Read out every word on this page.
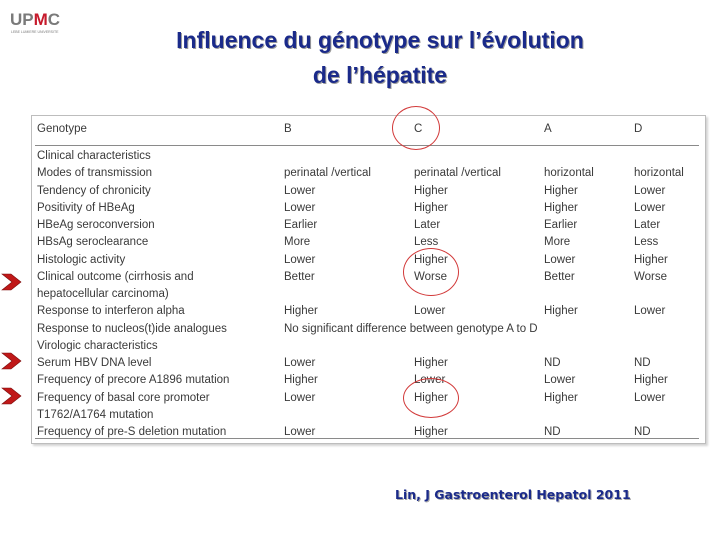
UPMC
LEBE LUMIERE UNIVERSITE	Influence du génotype sur l’évolution
de l’hépatite
Genotype	B	C	A	D
Clinical characteristics
Modes of transmission	perinatal /vertical	perinatal /vertical	horizontal	horizontal
Tendency of chronicity	Lower	Higher	Higher	Lower
Positivity of HBeAg	Lower	Higher	Higher	Lower
HBeAg seroconversion	Earlier	Later	Earlier	Later
HBsAg seroclearance	More	Less	More	Less
Histologic activity	Lower	Higher	Lower	Higher
Clinical outcome (cirrhosis and	Better	Worse	Better	Worse
hepatocellular carcinoma)
Response to interferon alpha	Higher	Lower	Higher	Lower
Response to nucleos(t)ide analogues	No significant difference between genotype A to D
Virologic characteristics
Serum HBV DNA level	Lower	Higher	ND	ND
Frequency of precore A1896 mutation	Higher	Lower	Lower	Higher
Frequency of basal core promoter	Lower	Higher	Higher	Lower
T1762/A1764 mutation
Frequency of pre-S deletion mutation	Lower	Higher	ND	ND
Lin, J Gastroenterol Hepatol 2011
